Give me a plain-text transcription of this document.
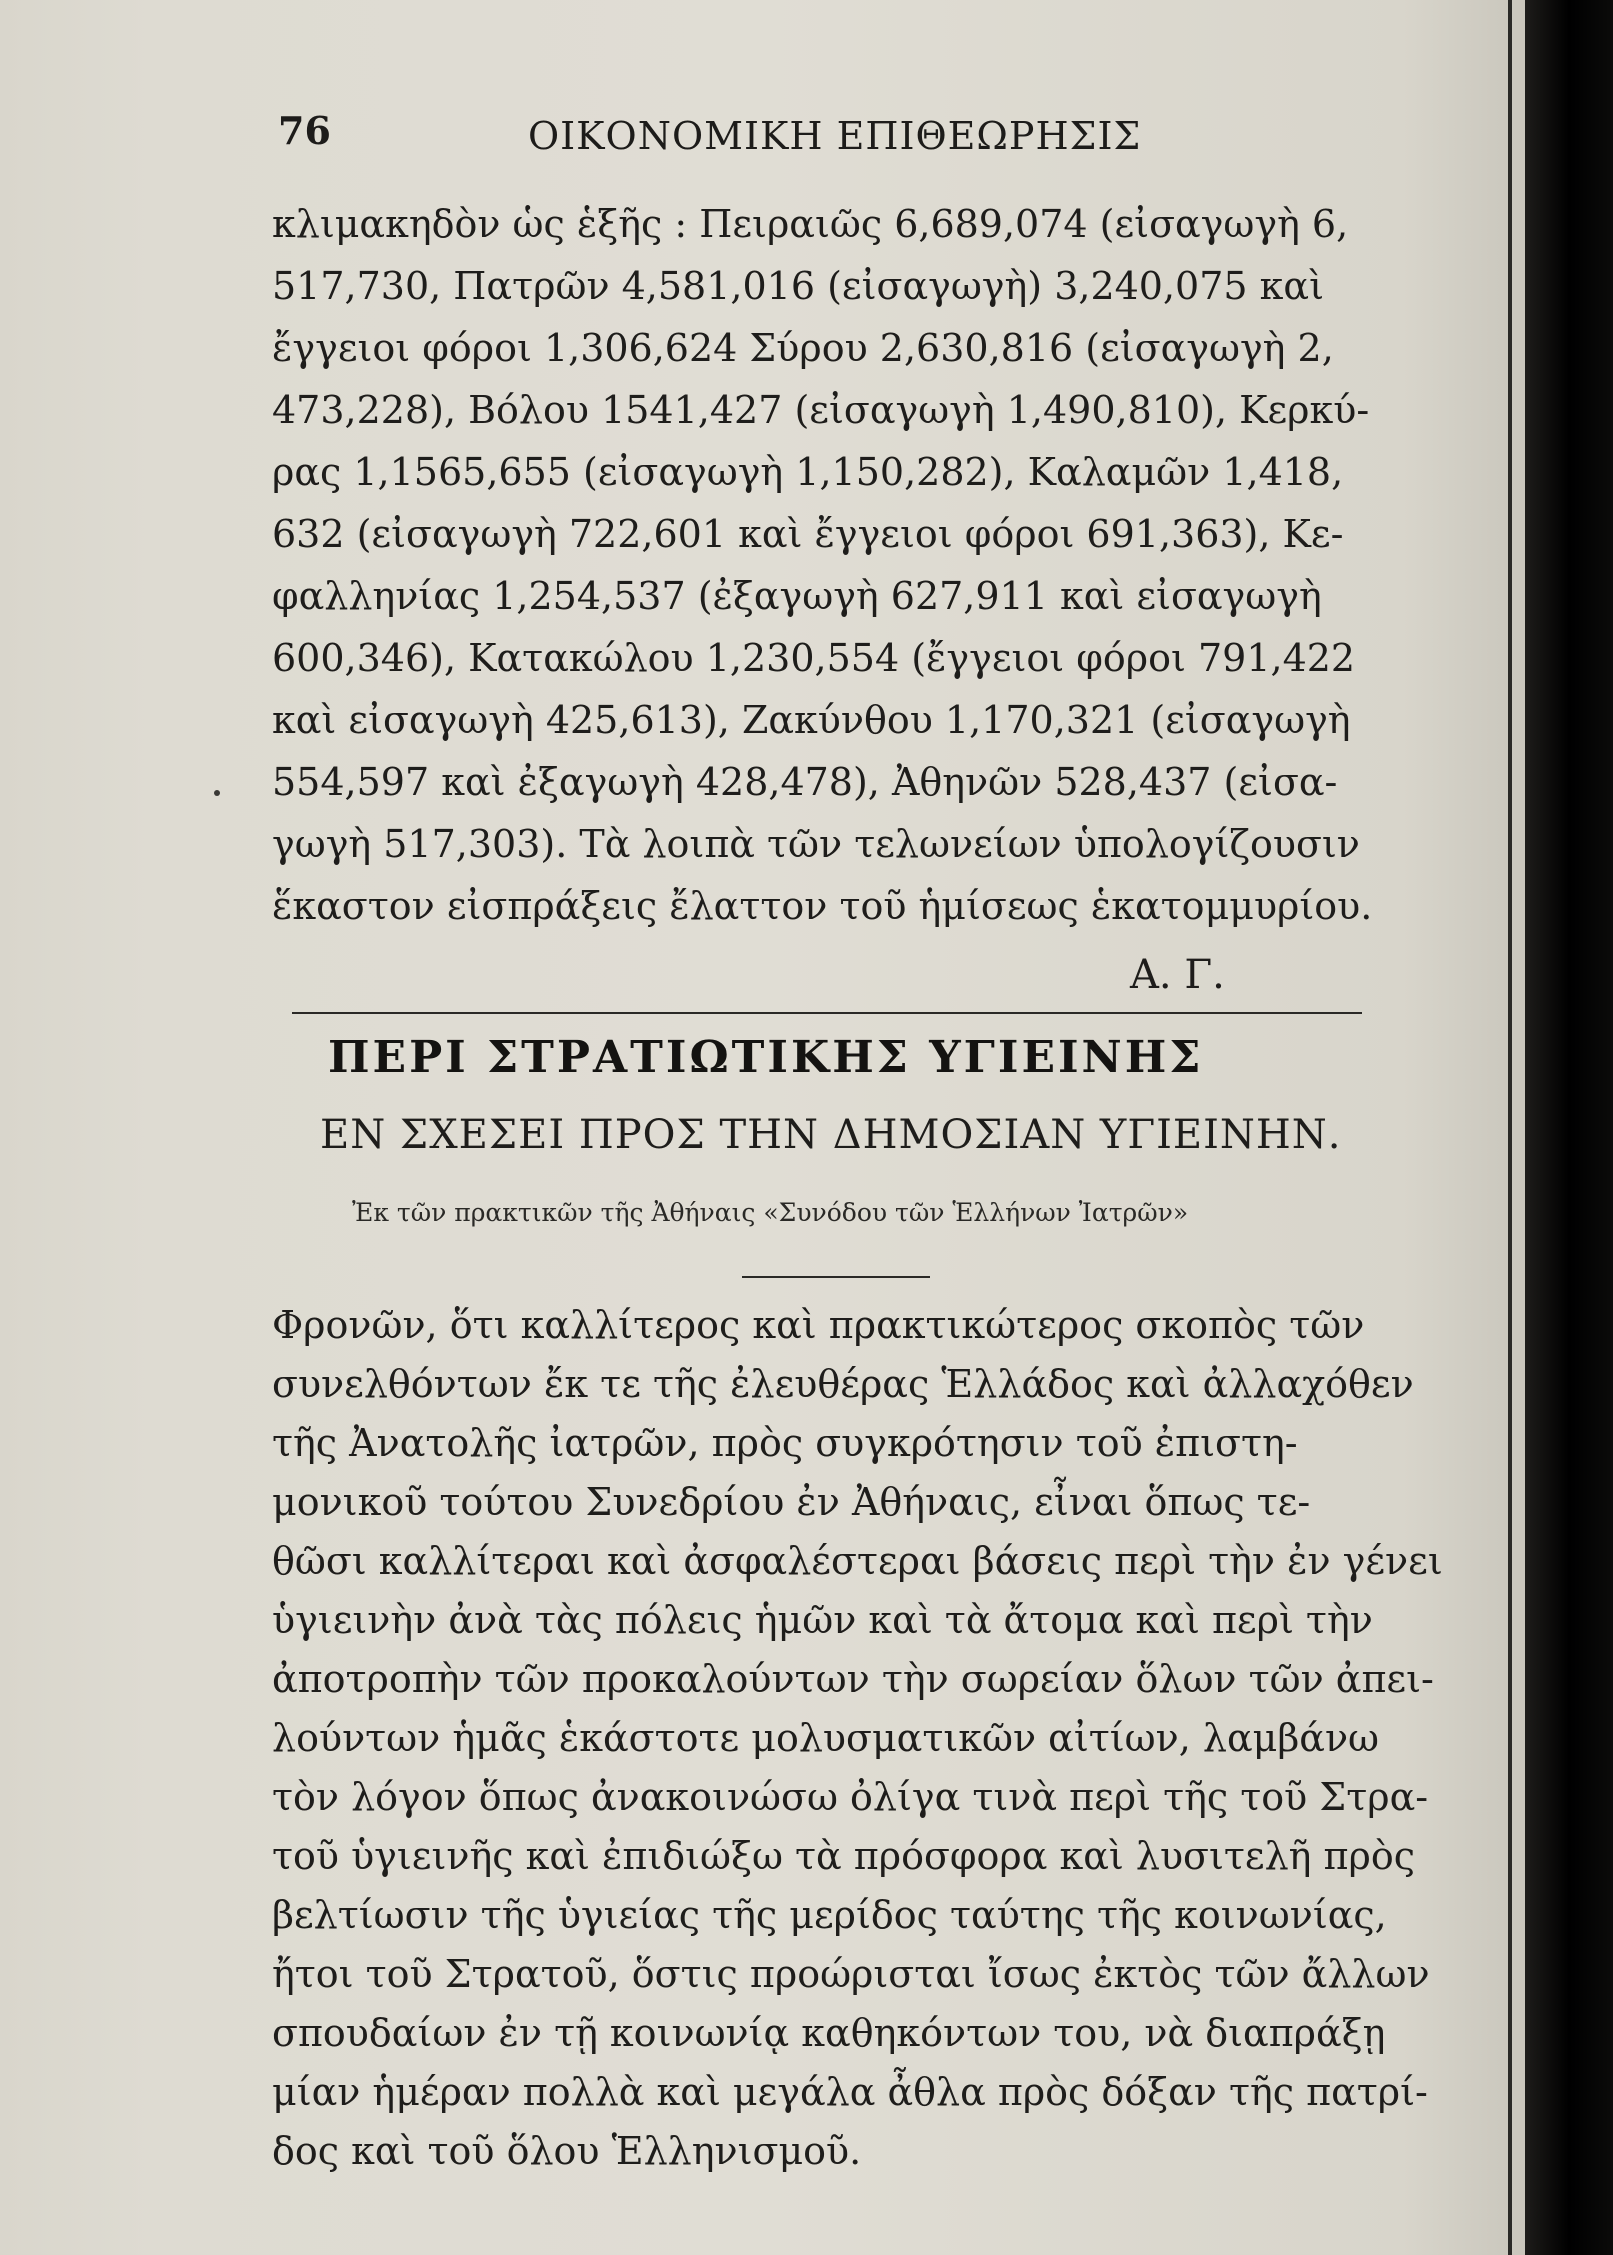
76	ΟΙΚΟΝΟΜΙΚΗ ΕΠΙΘΕΩΡΗΣΙΣ
κλιμακηδὸν ὡς ἑξῆς : Πειραιῶς 6,689,074 (εἰσαγωγὴ 6,
517,730, Πατρῶν 4,581,016 (εἰσαγωγὴ) 3,240,075 καὶ
ἔγγειοι φόροι 1,306,624 Σύρου 2,630,816 (εἰσαγωγὴ 2,
473,228), Βόλου 1541,427 (εἰσαγωγὴ 1,490,810), Κερκύ-
ρας 1,1565,655 (εἰσαγωγὴ 1,150,282), Καλαμῶν 1,418,
632 (εἰσαγωγὴ 722,601 καὶ ἔγγειοι φόροι 691,363), Κε-
φαλληνίας 1,254,537 (ἐξαγωγὴ 627,911 καὶ εἰσαγωγὴ
600,346), Κατακώλου 1,230,554 (ἔγγειοι φόροι 791,422
καὶ εἰσαγωγὴ 425,613), Ζακύνθου 1,170,321 (εἰσαγωγὴ
554,597 καὶ ἐξαγωγὴ 428,478), Ἀθηνῶν 528,437 (εἰσα-
γωγὴ 517,303). Τὰ λοιπὰ τῶν τελωνείων ὑπολογίζουσιν
ἕκαστον εἰσπράξεις ἔλαττον τοῦ ἡμίσεως ἑκατομμυρίου.
Α. Γ.
ΠΕΡΙ ΣΤΡΑΤΙΩΤΙΚΗΣ ΥΓΙΕΙΝΗΣ
ΕΝ ΣΧΕΣΕΙ ΠΡΟΣ ΤΗΝ ΔΗΜΟΣΙΑΝ ΥΓΙΕΙΝΗΝ.
Ἐκ τῶν πρακτικῶν τῆς Ἀθήναις «Συνόδου τῶν Ἑλλήνων Ἰατρῶν»
Φρονῶν, ὅτι καλλίτερος καὶ πρακτικώτερος σκοπὸς τῶν
συνελθόντων ἔκ τε τῆς ἐλευθέρας Ἑλλάδος καὶ ἀλλαχόθεν
τῆς Ἀνατολῆς ἰατρῶν, πρὸς συγκρότησιν τοῦ ἐπιστη-
μονικοῦ τούτου Συνεδρίου ἐν Ἀθήναις, εἶναι ὅπως τε-
θῶσι καλλίτεραι καὶ ἀσφαλέστεραι βάσεις περὶ τὴν ἐν γένει
ὑγιεινὴν ἀνὰ τὰς πόλεις ἡμῶν καὶ τὰ ἄτομα καὶ περὶ τὴν
ἀποτροπὴν τῶν προκαλούντων τὴν σωρείαν ὅλων τῶν ἀπει-
λούντων ἡμᾶς ἑκάστοτε μολυσματικῶν αἰτίων, λαμβάνω
τὸν λόγον ὅπως ἀνακοινώσω ὀλίγα τινὰ περὶ τῆς τοῦ Στρα-
τοῦ ὑγιεινῆς καὶ ἐπιδιώξω τὰ πρόσφορα καὶ λυσιτελῆ πρὸς
βελτίωσιν τῆς ὑγιείας τῆς μερίδος ταύτης τῆς κοινωνίας,
ἤτοι τοῦ Στρατοῦ, ὅστις προώρισται ἴσως ἐκτὸς τῶν ἄλλων
σπουδαίων ἐν τῇ κοινωνίᾳ καθηκόντων του, νὰ διαπράξῃ
μίαν ἡμέραν πολλὰ καὶ μεγάλα ἆθλα πρὸς δόξαν τῆς πατρί-
δος καὶ τοῦ ὅλου Ἑλληνισμοῦ.
